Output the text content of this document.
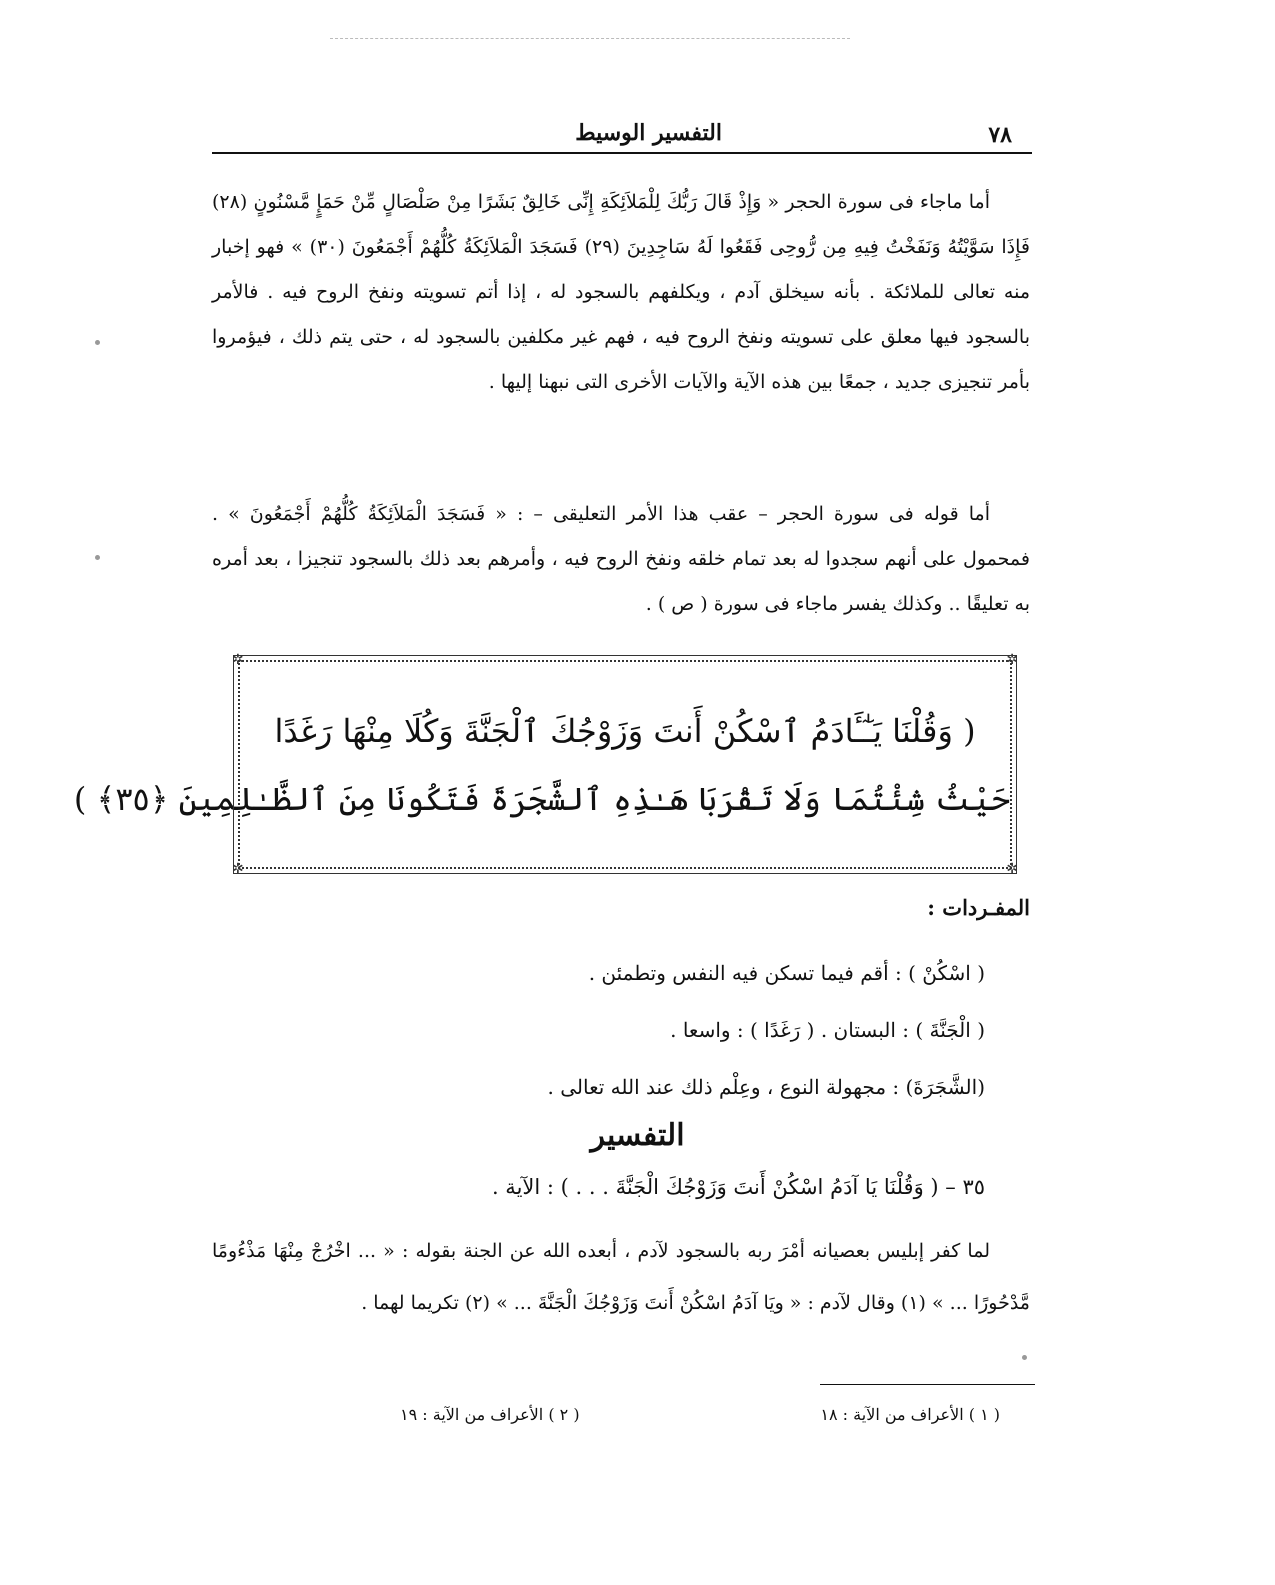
٧٨
التفسير الوسيط

أما ماجاء فى سورة الحجر « وَإِذْ قَالَ رَبُّكَ لِلْمَلاَئِكَةِ إِنِّى خَالِقٌ بَشَرًا مِنْ صَلْصَالٍ مِّنْ حَمَإٍ مَّسْنُونٍ (٢٨) فَإِذَا سَوَّيْتُهُ وَنَفَخْتُ فِيهِ مِن رُّوحِى فَقَعُوا لَهُ سَاجِدِينَ (٢٩) فَسَجَدَ الْمَلاَئِكَةُ كُلُّهُمْ أَجْمَعُونَ (٣٠) » فهو إخبار منه تعالى للملائكة . بأنه سيخلق آدم ، ويكلفهم بالسجود له ، إذا أتم تسويته ونفخ الروح فيه . فالأمر بالسجود فيها معلق على تسويته ونفخ الروح فيه ، فهم غير مكلفين بالسجود له ، حتى يتم ذلك ، فيؤمروا بأمر تنجيزى جديد ، جمعًا بين هذه الآية والآيات الأخرى التى نبهنا إليها .

أما قوله فى سورة الحجر – عقب هذا الأمر التعليقى – : « فَسَجَدَ الْمَلاَئِكَةُ كُلُّهُمْ أَجْمَعُونَ » . فمحمول على أنهم سجدوا له بعد تمام خلقه ونفخ الروح فيه ، وأمرهم بعد ذلك بالسجود تنجيزا ، بعد أمره به تعليقًا .. وكذلك يفسر ماجاء فى سورة ( ص ) .

✲	✲
✲	✲
( وَقُلْنَا يَـٰٓـَٔادَمُ ٱسْكُنْ أَنتَ وَزَوْجُكَ ٱلْجَنَّةَ وَكُلَا مِنْهَا رَغَدًا
حَيْثُ شِئْتُمَا وَلَا تَقْرَبَا هَـٰذِهِ ٱلشَّجَرَةَ فَتَكُونَا مِنَ ٱلظَّـٰلِمِينَ ﴿٣٥﴾ )
المفـردات :
( اسْكُنْ ) : أقم فيما تسكن فيه النفس وتطمئن .
( الْجَنَّةَ ) : البستان . ( رَغَدًا ) : واسعا .
(الشَّجَرَةَ) : مجهولة النوع ، وعِلْم ذلك عند الله تعالى .
التفسير
٣٥ – ( وَقُلْنَا يَا آدَمُ اسْكُنْ أَنتَ وَزَوْجُكَ الْجَنَّةَ . . . ) : الآية .

لما كفر إبليس بعصيانه أمْرَ ربه بالسجود لآدم ، أبعده الله عن الجنة بقوله : « ... اخْرُجْ مِنْهَا مَذْءُومًا مَّدْحُورًا ... » (١) وقال لآدم : « ويَا آدَمُ اسْكُنْ أَنتَ وَزَوْجُكَ الْجَنَّةَ ... » (٢) تكريما لهما .

( ١ ) الأعراف من الآية : ١٨
( ٢ ) الأعراف من الآية : ١٩
